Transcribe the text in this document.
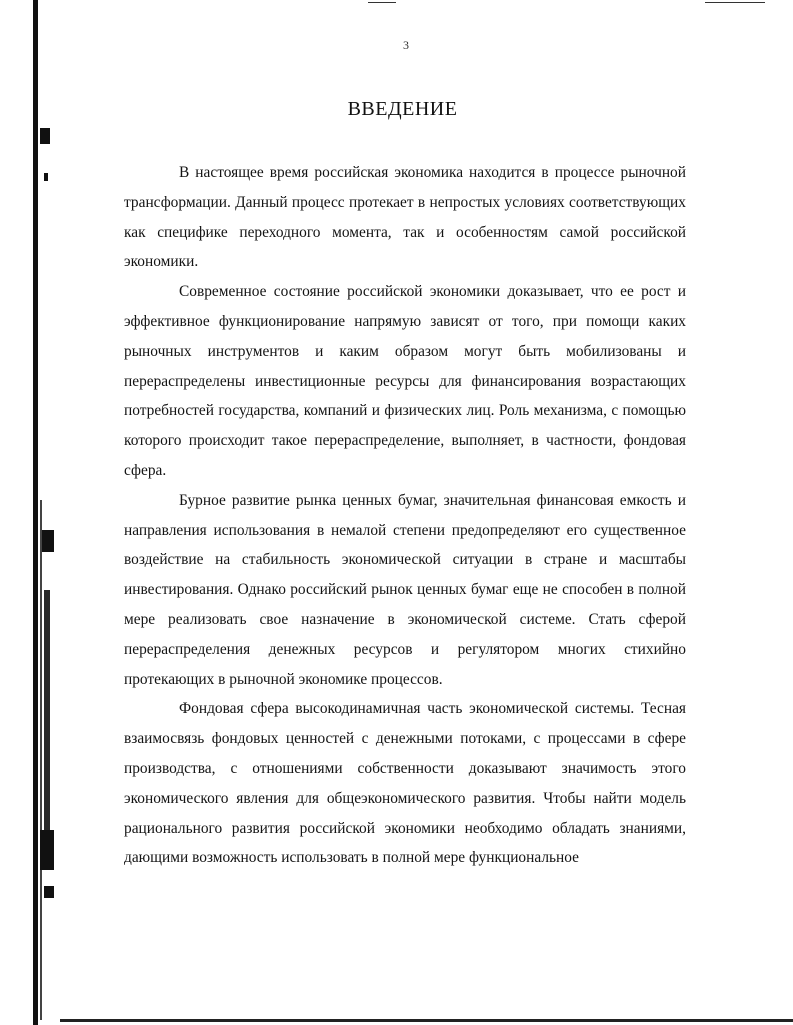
3
ВВЕДЕНИЕ

В настоящее время российская экономика находится в процессе рыночной трансформации. Данный процесс протекает в непростых условиях соответствующих как специфике переходного момента, так и особенностям самой российской экономики.

Современное состояние российской экономики доказывает, что ее рост и эффективное функционирование напрямую зависят от того, при помощи каких рыночных инструментов и каким образом могут быть мобилизованы и перераспределены инвестиционные ресурсы для финансирования возрастающих потребностей государства, компаний и физических лиц. Роль механизма, с помощью которого происходит такое перераспределение, выполняет, в частности, фондовая сфера.

Бурное развитие рынка ценных бумаг, значительная финансовая емкость и направления использования в немалой степени предопределяют его существенное воздействие на стабильность экономической ситуации в стране и масштабы инвестирования. Однако российский рынок ценных бумаг еще не способен в полной мере реализовать свое назначение в экономической системе. Стать сферой перераспределения денежных ресурсов и регулятором многих стихийно протекающих в рыночной экономике процессов.

Фондовая сфера высокодинамичная часть экономической системы. Тесная взаимосвязь фондовых ценностей с денежными потоками, с процессами в сфере производства, с отношениями собственности доказывают значимость этого экономического явления для общеэкономического развития. Чтобы найти модель рационального развития российской экономики необходимо обладать знаниями, дающими возможность использовать в полной мере функциональное
